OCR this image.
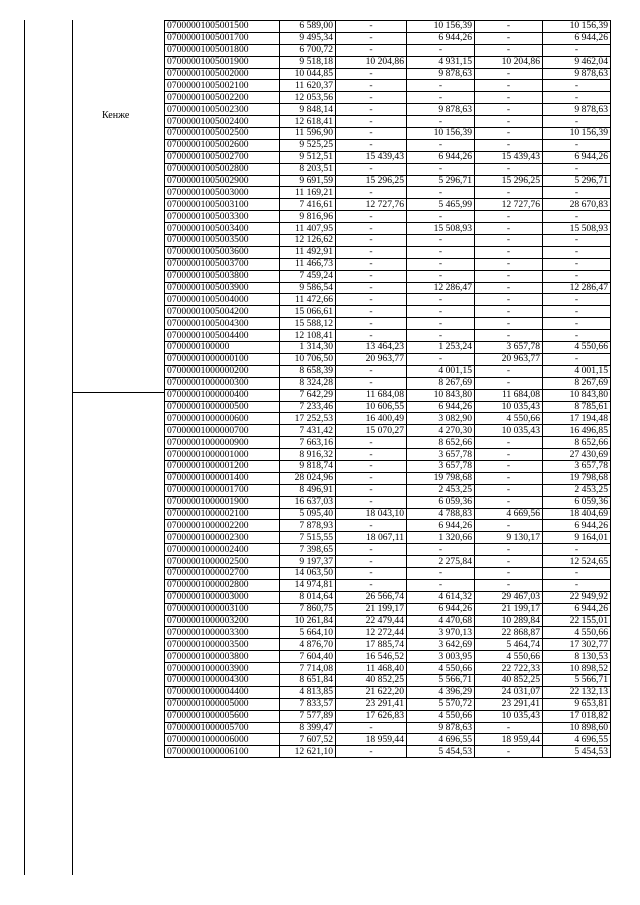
Кенже
07000001005001500	6 589,00	-	10 156,39	-	10 156,39
07000001005001700	9 495,34	-	6 944,26	-	6 944,26
07000001005001800	6 700,72	-	-	-	-
07000001005001900	9 518,18	10 204,86	4 931,15	10 204,86	9 462,04
07000001005002000	10 044,85	-	9 878,63	-	9 878,63
07000001005002100	11 620,37	-	-	-	-
07000001005002200	12 053,56	-	-	-	-
07000001005002300	9 848,14	-	9 878,63	-	9 878,63
07000001005002400	12 618,41	-	-	-	-
07000001005002500	11 596,90	-	10 156,39	-	10 156,39
07000001005002600	9 525,25	-	-	-	-
07000001005002700	9 512,51	15 439,43	6 944,26	15 439,43	6 944,26
07000001005002800	8 203,51	-	-	-	-
07000001005002900	9 691,59	15 296,25	5 296,71	15 296,25	5 296,71
07000001005003000	11 169,21	-	-	-	-
07000001005003100	7 416,61	12 727,76	5 465,99	12 727,76	28 670,83
07000001005003300	9 816,96	-	-	-	-
07000001005003400	11 407,95	-	15 508,93	-	15 508,93
07000001005003500	12 126,62	-	-	-	-
07000001005003600	11 492,91	-	-	-	-
07000001005003700	11 466,73	-	-	-	-
07000001005003800	7 459,24	-	-	-	-
07000001005003900	9 586,54	-	12 286,47	-	12 286,47
07000001005004000	11 472,66	-	-	-	-
07000001005004200	15 066,61	-	-	-	-
07000001005004300	15 588,12	-	-	-	-
07000001005004400	12 108,41	-	-	-	-
0700000100000	1 314,30	13 464,23	1 253,24	3 657,78	4 550,66
07000001000000100	10 706,50	20 963,77	-	20 963,77	-
07000001000000200	8 658,39	-	4 001,15	-	4 001,15
07000001000000300	8 324,28	-	8 267,69	-	8 267,69
07000001000000400	7 642,29	11 684,08	10 843,80	11 684,08	10 843,80
07000001000000500	7 233,46	10 606,55	6 944,26	10 035,43	8 785,61
07000001000000600	17 252,53	16 400,49	3 082,90	4 550,66	17 194,48
07000001000000700	7 431,42	15 070,27	4 270,30	10 035,43	16 496,85
07000001000000900	7 663,16	-	8 652,66	-	8 652,66
07000001000001000	8 916,32	-	3 657,78	-	27 430,69
07000001000001200	9 818,74	-	3 657,78	-	3 657,78
07000001000001400	28 024,96	-	19 798,68	-	19 798,68
07000001000001700	8 496,91	-	2 453,25	-	2 453,25
07000001000001900	16 637,03	-	6 059,36	-	6 059,36
07000001000002100	5 095,40	18 043,10	4 788,83	4 669,56	18 404,69
07000001000002200	7 878,93	-	6 944,26	-	6 944,26
07000001000002300	7 515,55	18 067,11	1 320,66	9 130,17	9 164,01
07000001000002400	7 398,65	-	-	-	-
07000001000002500	9 197,37	-	2 275,84	-	12 524,65
07000001000002700	14 063,50	-	-	-	-
07000001000002800	14 974,81	-	-	-	-
07000001000003000	8 014,64	26 566,74	4 614,32	29 467,03	22 949,92
07000001000003100	7 860,75	21 199,17	6 944,26	21 199,17	6 944,26
07000001000003200	10 261,84	22 479,44	4 470,68	10 289,84	22 155,01
07000001000003300	5 664,10	12 272,44	3 970,13	22 868,87	4 550,66
07000001000003500	4 876,70	17 885,74	3 642,69	5 464,74	17 302,77
07000001000003800	7 604,40	16 546,52	3 003,95	4 550,66	8 130,53
07000001000003900	7 714,08	11 468,40	4 550,66	22 722,33	10 898,52
07000001000004300	8 651,84	40 852,25	5 566,71	40 852,25	5 566,71
07000001000004400	4 813,85	21 622,20	4 396,29	24 031,07	22 132,13
07000001000005000	7 833,57	23 291,41	5 570,72	23 291,41	9 653,81
07000001000005600	7 577,89	17 626,83	4 550,66	10 035,43	17 018,82
07000001000005700	8 399,47	-	9 878,63	-	10 898,60
07000001000006000	7 607,52	18 959,44	4 696,55	18 959,44	4 696,55
07000001000006100	12 621,10	-	5 454,53	-	5 454,53
